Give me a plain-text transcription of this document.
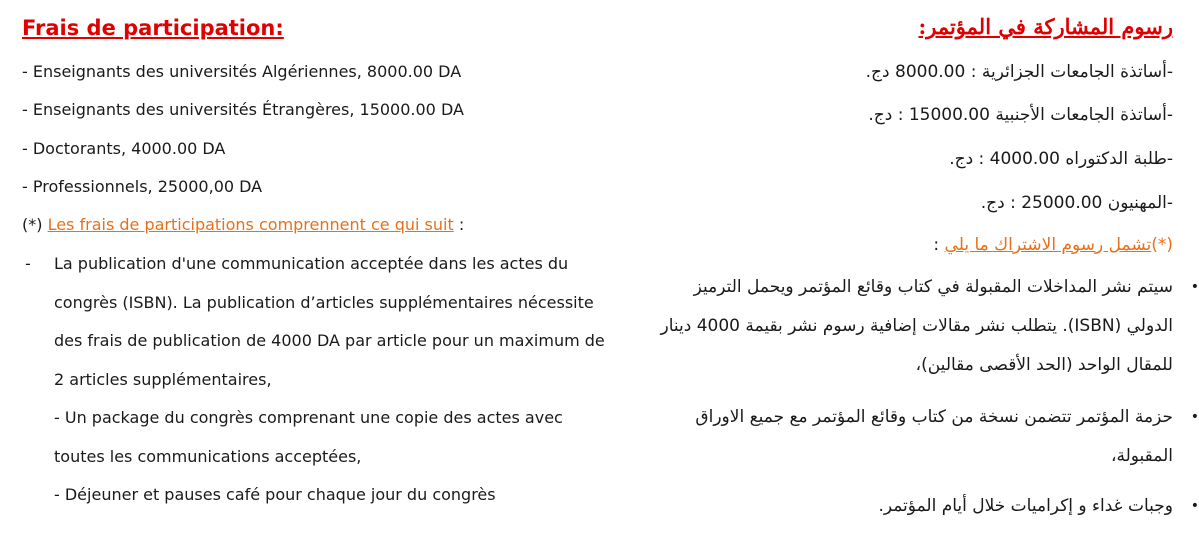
Frais de participation:
- Enseignants des universités Algériennes, 8000.00 DA
- Enseignants des universités Étrangères, 15000.00 DA
- Doctorants, 4000.00 DA
- Professionnels, 25000,00 DA
(*) Les frais de participations comprennent ce qui suit :
- La publication d'une communication acceptée dans les actes du congrès (ISBN). La publication d’articles supplémentaires nécessite des frais de publication de 4000 DA par article pour un maximum de 2 articles supplémentaires,
- Un package du congrès comprenant une copie des actes avec toutes les communications acceptées,
- Déjeuner et pauses café pour chaque jour du congrès
رسوم المشاركة في المؤتمر:
-أساتذة الجامعات الجزائرية : 8000.00 دج.
-أساتذة الجامعات الأجنبية 15000.00 : دج.
-طلبة الدكتوراه 4000.00 : دج.
-المهنيون 25000.00 : دج.
(*)تشمل رسوم الاشتراك ما يلي :
•
سيتم نشر المداخلات المقبولة في كتاب وقائع المؤتمر ويحمل الترميز الدولي (ISBN). يتطلب نشر مقالات إضافية رسوم نشر بقيمة 4000 دينار للمقال الواحد (الحد الأقصى مقالين)،
•
حزمة المؤتمر تتضمن نسخة من كتاب وقائع المؤتمر مع جميع الاوراق المقبولة،
•
وجبات غداء و إكراميات خلال أيام المؤتمر.
